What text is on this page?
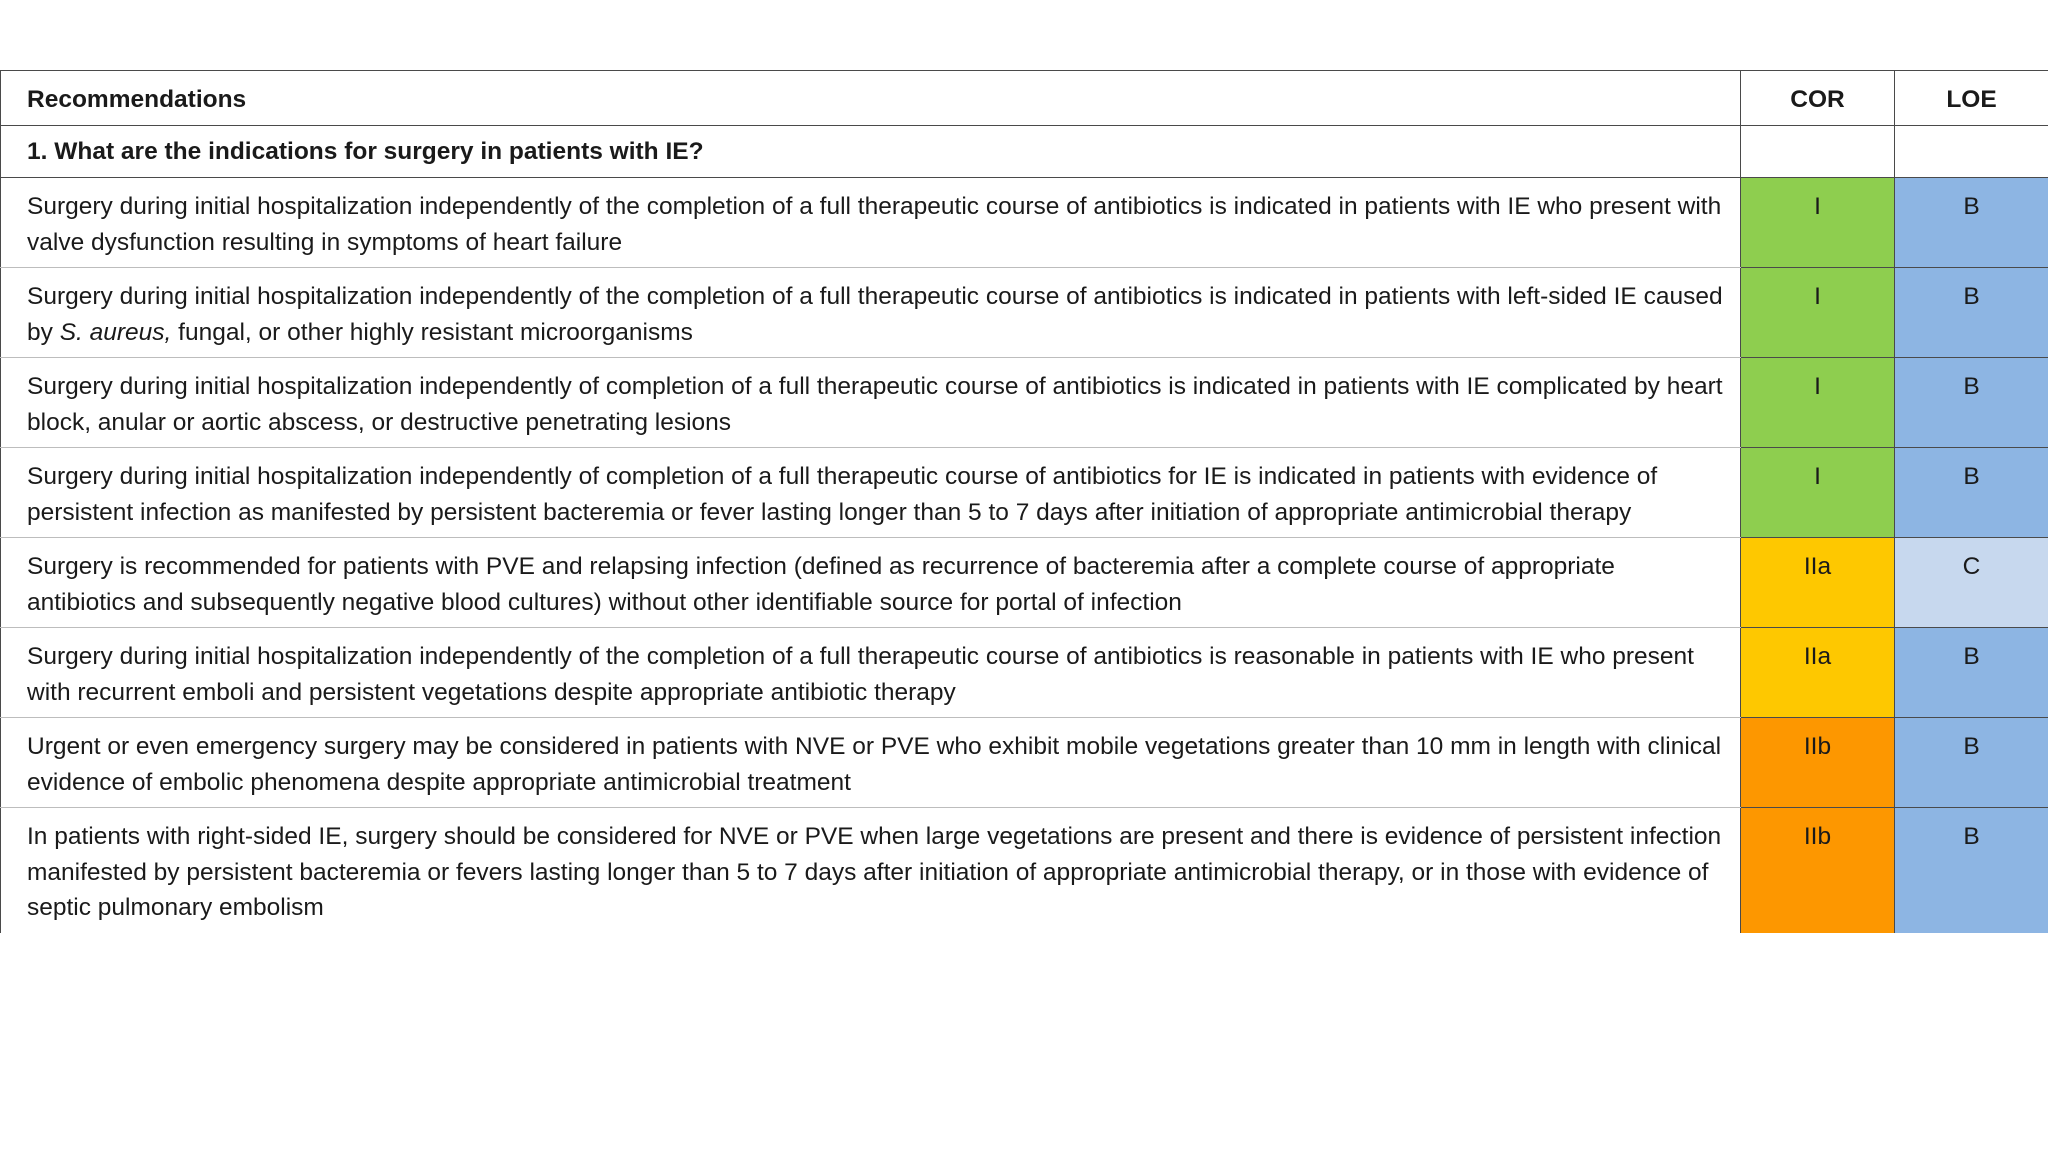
Recommendations	COR	LOE
1. What are the indications for surgery in patients with IE?		
Surgery during initial hospitalization independently of the completion of a full therapeutic course of antibiotics is indicated in patients with IE who present with valve dysfunction resulting in symptoms of heart failure	I	B
Surgery during initial hospitalization independently of the completion of a full therapeutic course of antibiotics is indicated in patients with left-sided IE caused by S. aureus, fungal, or other highly resistant microorganisms	I	B
Surgery during initial hospitalization independently of completion of a full therapeutic course of antibiotics is indicated in patients with IE complicated by heart block, anular or aortic abscess, or destructive penetrating lesions	I	B
Surgery during initial hospitalization independently of completion of a full therapeutic course of antibiotics for IE is indicated in patients with evidence of persistent infection as manifested by persistent bacteremia or fever lasting longer than 5 to 7 days after initiation of appropriate antimicrobial therapy	I	B
Surgery is recommended for patients with PVE and relapsing infection (defined as recurrence of bacteremia after a complete course of appropriate antibiotics and subsequently negative blood cultures) without other identifiable source for portal of infection	IIa	C
Surgery during initial hospitalization independently of the completion of a full therapeutic course of antibiotics is reasonable in patients with IE who present with recurrent emboli and persistent vegetations despite appropriate antibiotic therapy	IIa	B
Urgent or even emergency surgery may be considered in patients with NVE or PVE who exhibit mobile vegetations greater than 10 mm in length with clinical evidence of embolic phenomena despite appropriate antimicrobial treatment	IIb	B
In patients with right-sided IE, surgery should be considered for NVE or PVE when large vegetations are present and there is evidence of persistent infection manifested by persistent bacteremia or fevers lasting longer than 5 to 7 days after initiation of appropriate antimicrobial therapy, or in those with evidence of septic pulmonary embolism	IIb	B
